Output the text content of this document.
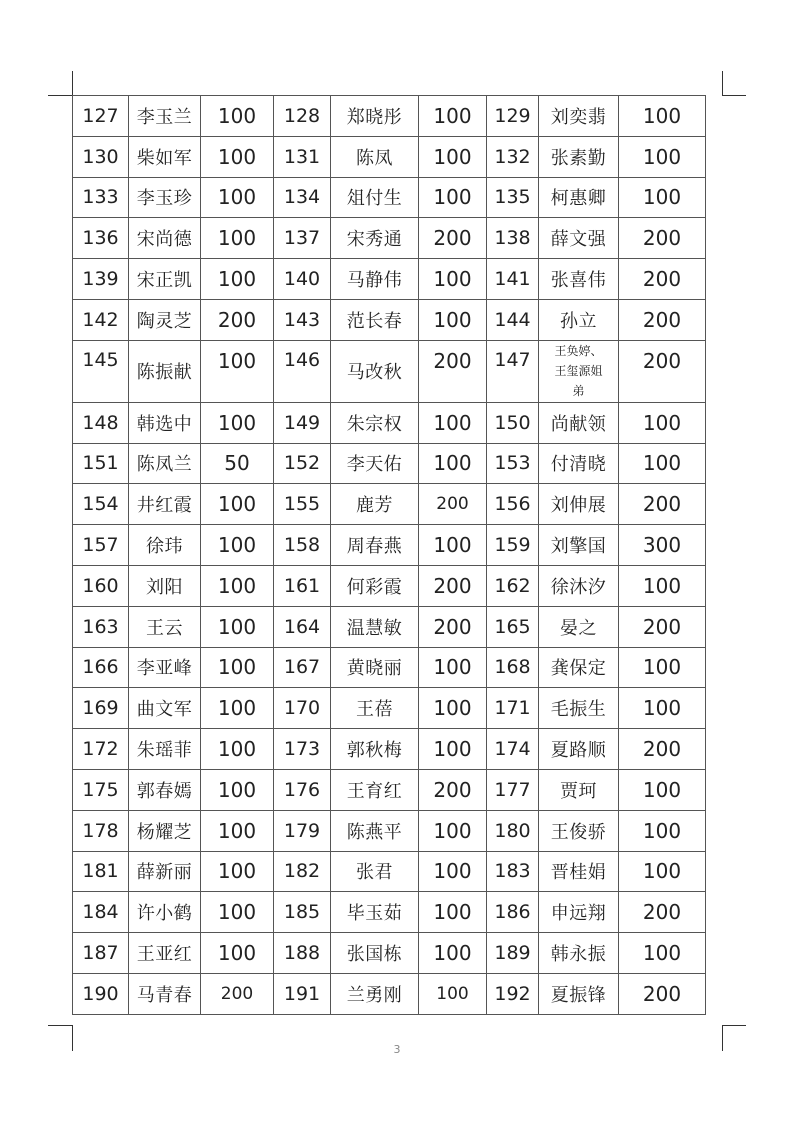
127	李玉兰	100	128	郑晓彤	100	129	刘奕翡	100
130	柴如军	100	131	陈凤	100	132	张素勤	100
133	李玉珍	100	134	俎付生	100	135	柯惠卿	100
136	宋尚德	100	137	宋秀通	200	138	薛文强	200
139	宋正凯	100	140	马静伟	100	141	张喜伟	200
142	陶灵芝	200	143	范长春	100	144	孙立	200
145	陈振献	100	146	马改秋	200	147	王奂婷、
王玺源姐
弟	200
148	韩选中	100	149	朱宗权	100	150	尚献领	100
151	陈凤兰	50	152	李天佑	100	153	付清晓	100
154	井红霞	100	155	鹿芳	200	156	刘伸展	200
157	徐玮	100	158	周春燕	100	159	刘擎国	300
160	刘阳	100	161	何彩霞	200	162	徐沐汐	100
163	王云	100	164	温慧敏	200	165	晏之	200
166	李亚峰	100	167	黄晓丽	100	168	龚保定	100
169	曲文军	100	170	王蓓	100	171	毛振生	100
172	朱瑶菲	100	173	郭秋梅	100	174	夏路顺	200
175	郭春嫣	100	176	王育红	200	177	贾珂	100
178	杨耀芝	100	179	陈燕平	100	180	王俊骄	100
181	薛新丽	100	182	张君	100	183	晋桂娟	100
184	许小鹤	100	185	毕玉茹	100	186	申远翔	200
187	王亚红	100	188	张国栋	100	189	韩永振	100
190	马青春	200	191	兰勇刚	100	192	夏振锋	200
3
